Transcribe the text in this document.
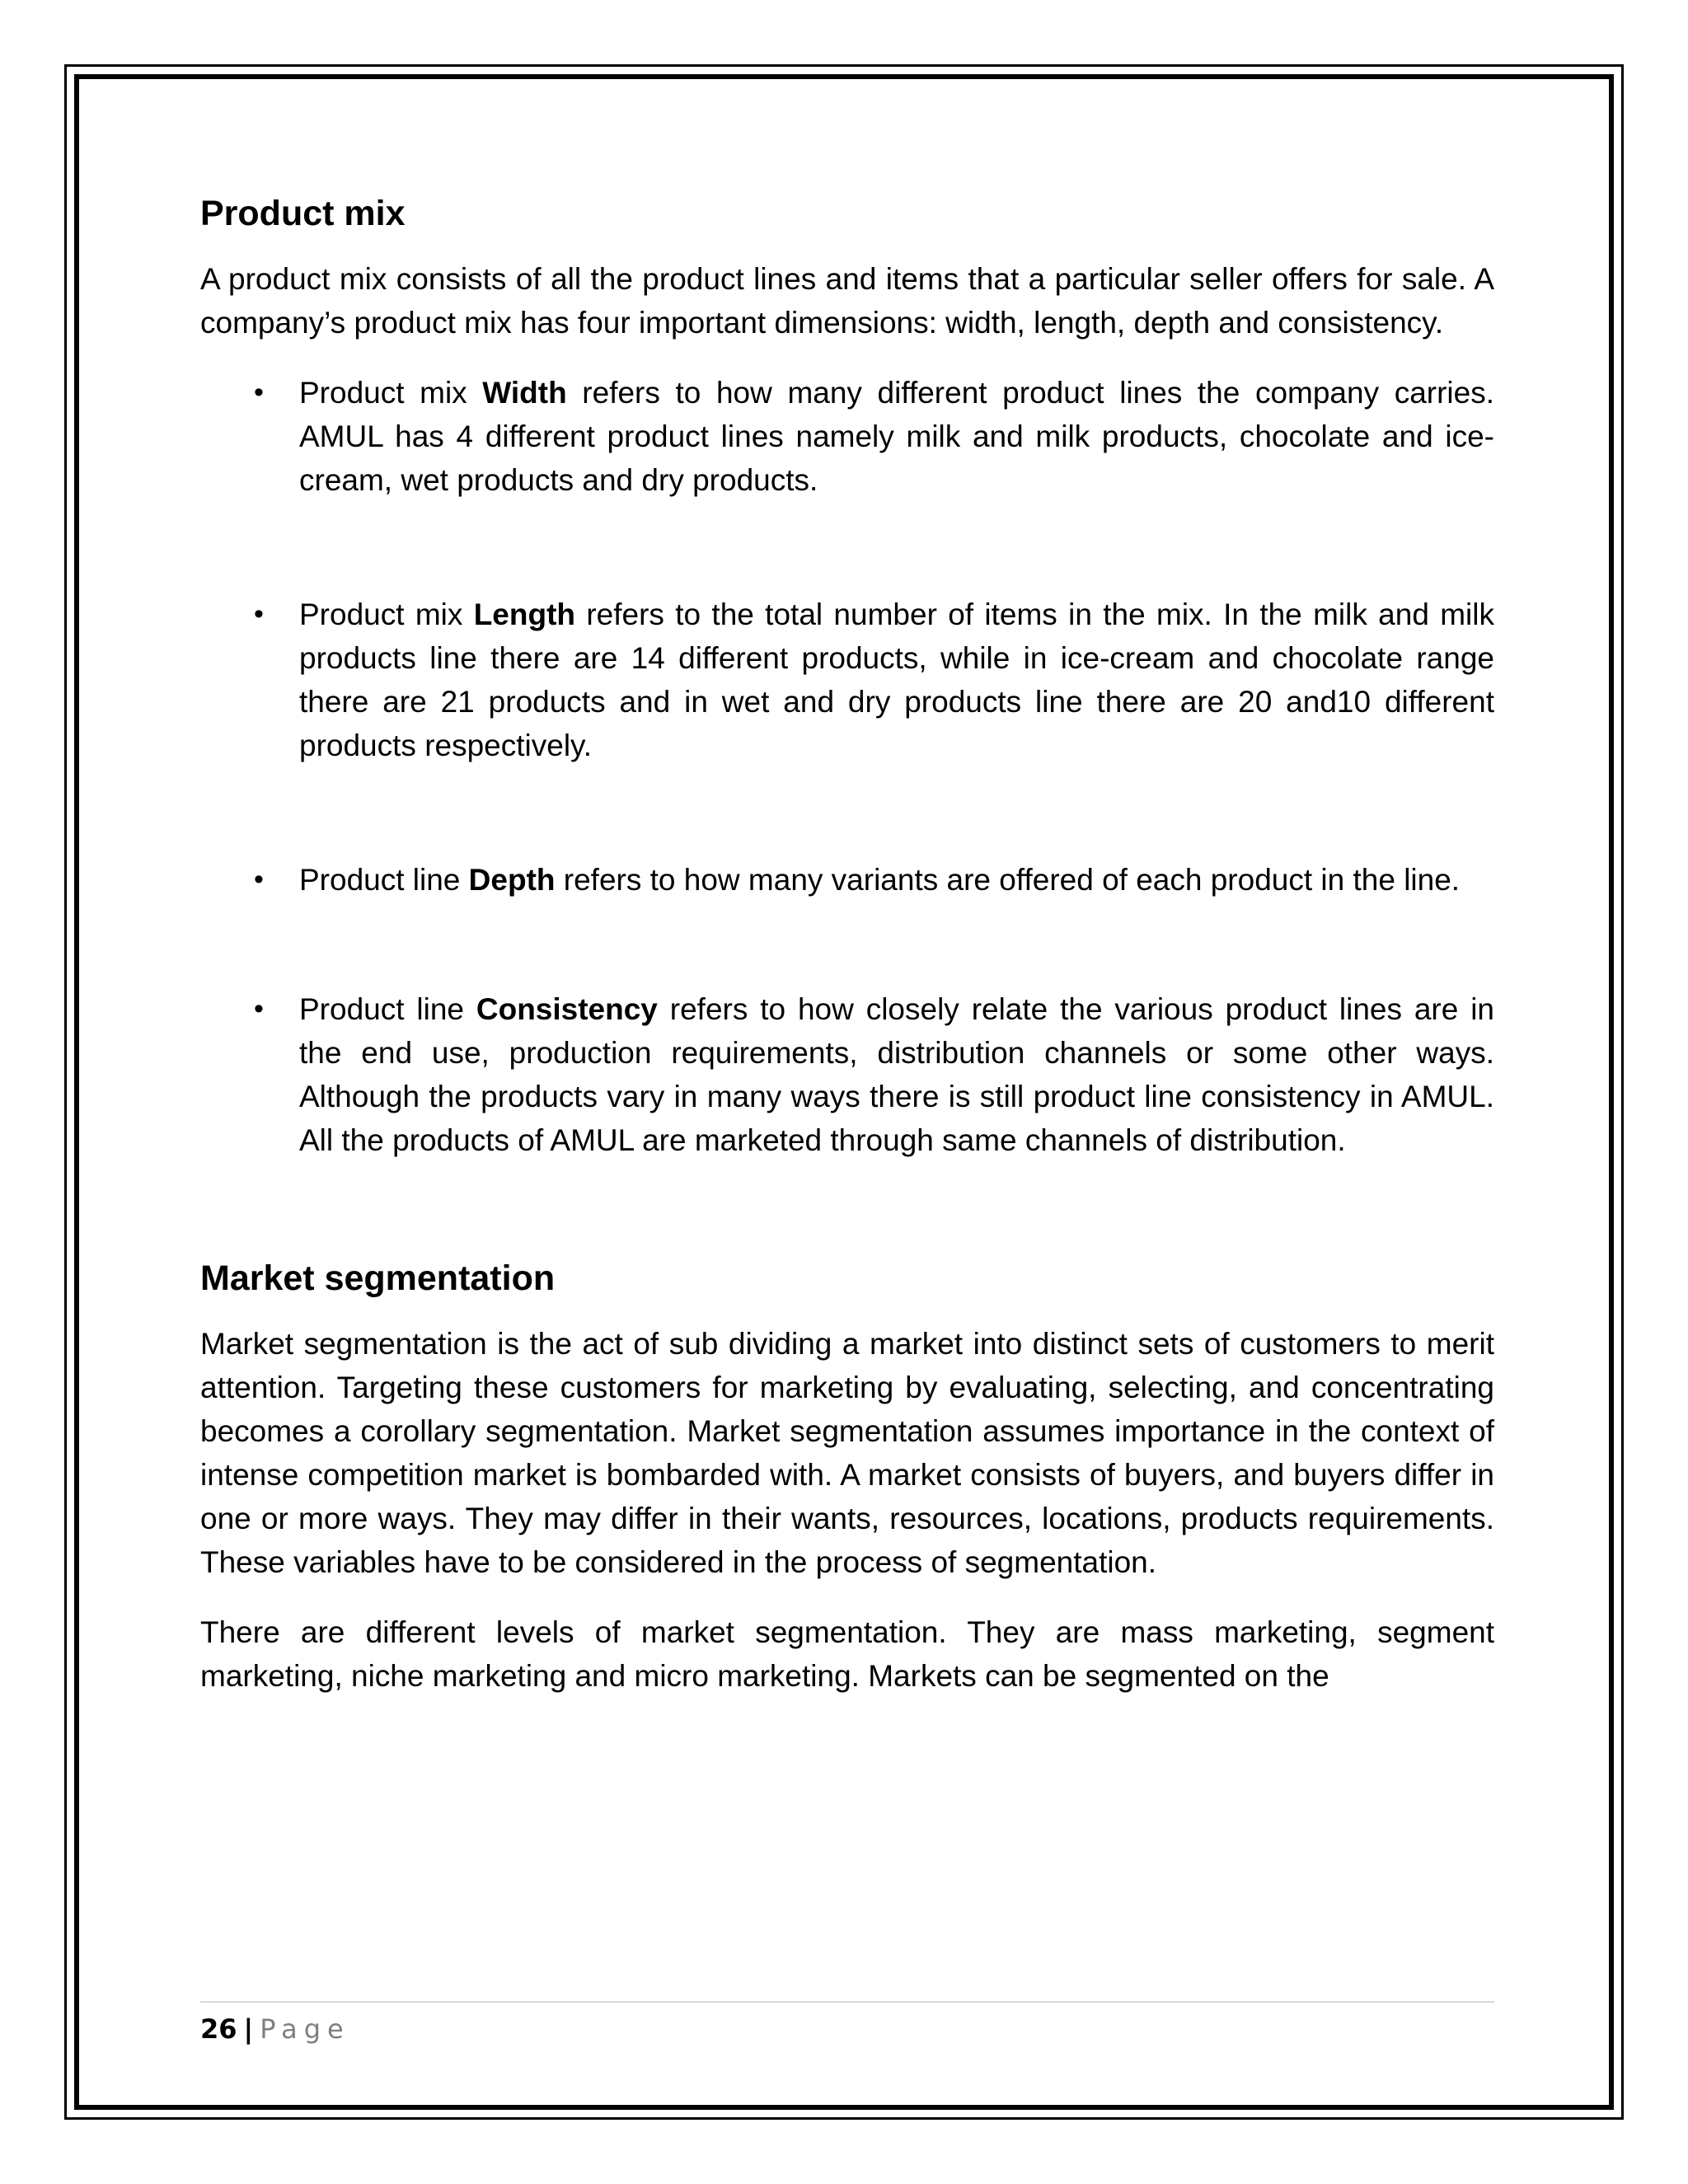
Product mix

A product mix consists of all the product lines and items that a particular seller offers for sale. A company’s product mix has four important dimensions: width, length, depth and consistency.

• Product mix Width refers to how many different product lines the company carries. AMUL has 4 different product lines namely milk and milk products, chocolate and ice-cream, wet products and dry products.
• Product mix Length refers to the total number of items in the mix. In the milk and milk products line there are 14 different products, while in ice-cream and chocolate range there are 21 products and in wet and dry products line there are 20 and10 different products respectively.
• Product line Depth refers to how many variants are offered of each product in the line.
• Product line Consistency refers to how closely relate the various product lines are in the end use, production requirements, distribution channels or some other ways. Although the products vary in many ways there is still product line consistency in AMUL. All the products of AMUL are marketed through same channels of distribution.
Market segmentation

Market segmentation is the act of sub dividing a market into distinct sets of customers to merit attention. Targeting these customers for marketing by evaluating, selecting, and concentrating becomes a corollary segmentation. Market segmentation assumes importance in the context of intense competition market is bombarded with. A market consists of buyers, and buyers differ in one or more ways. They may differ in their wants, resources, locations, products requirements. These variables have to be considered in the process of segmentation.

There are different levels of market segmentation. They are mass marketing, segment marketing, niche marketing and micro marketing. Markets can be segmented on the

26 | Page
